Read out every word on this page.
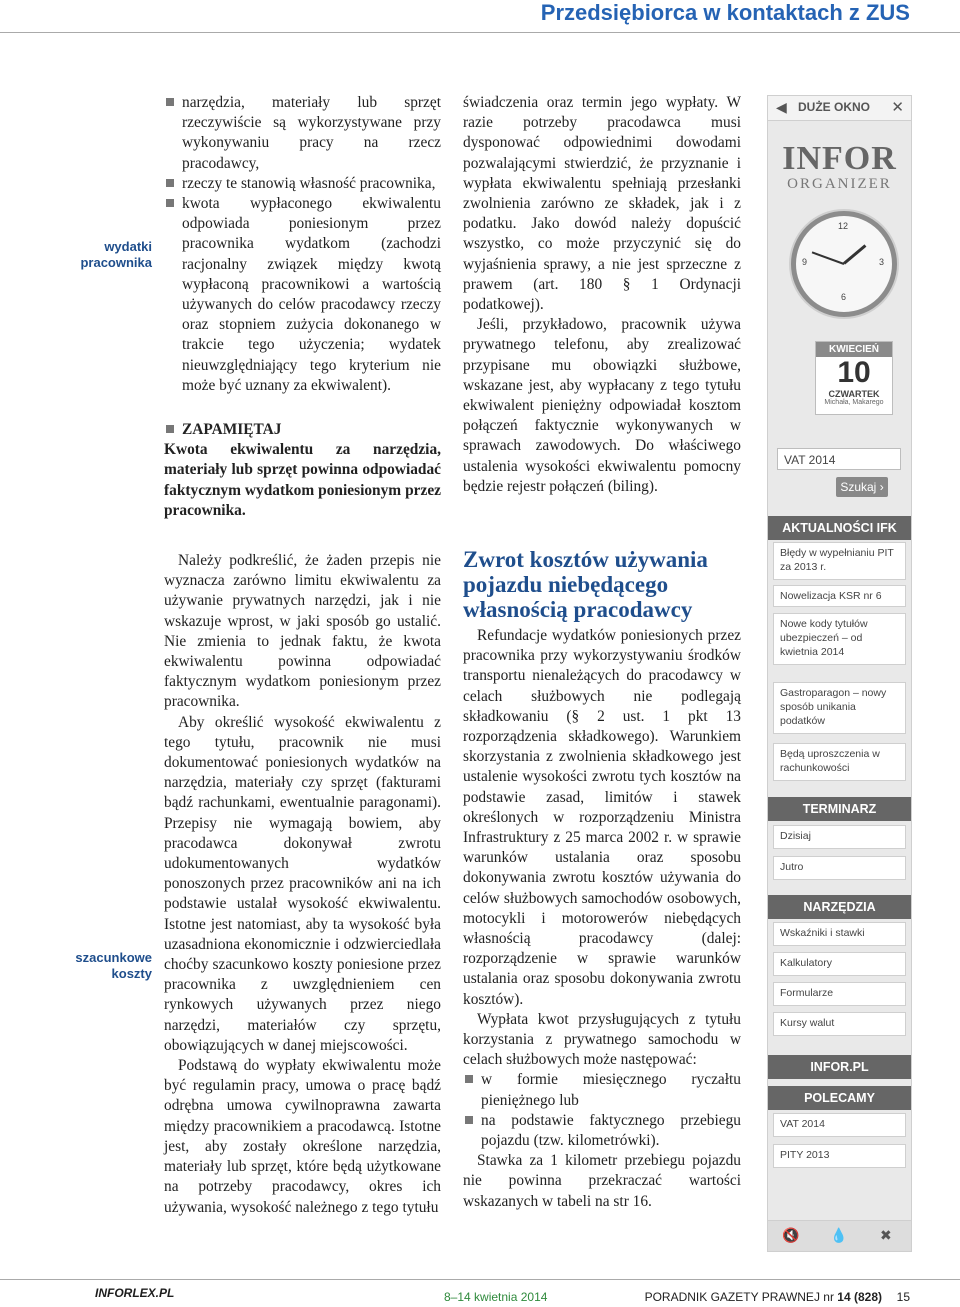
Przedsiębiorca w kontaktach z ZUS
wydatki
pracownika
szacunkowe
koszty
narzędzia, materiały lub sprzęt rzeczywiście są wykorzystywane przy wykonywaniu pracy na rzecz pracodawcy,
rzeczy te stanowią własność pracownika,
kwota wypłaconego ekwiwalentu odpowiada poniesionym przez pracownika wydatkom (zachodzi racjonalny związek między kwotą wypłaconą pracownikowi a wartością używanych do celów pracodawcy rzeczy oraz stopniem zużycia dokonanego w trakcie tego użyczenia; wydatek nieuwzględniający tego kryterium nie może być uznany za ekwiwalent).
ZAPAMIĘTAJ
Kwota ekwiwalentu za narzędzia, materiały lub sprzęt powinna odpowiadać faktycznym wydatkom poniesionym przez pracownika.

Należy podkreślić, że żaden przepis nie wyznacza zarówno limitu ekwiwalentu za używanie prywatnych narzędzi, jak i nie wskazuje wprost, w jaki sposób go ustalić. Nie zmienia to jednak faktu, że kwota ekwiwalentu powinna odpowiadać faktycznym wydatkom poniesionym przez pracownika.

Aby określić wysokość ekwiwalentu z tego tytułu, pracownik nie musi dokumentować poniesionych wydatków na narzędzia, materiały czy sprzęt (fakturami bądź rachunkami, ewentualnie paragonami). Przepisy nie wymagają bowiem, aby pracodawca dokonywał zwrotu udokumentowanych wydatków ponoszonych przez pracowników ani na ich podstawie ustalał wysokość ekwiwalentu. Istotne jest natomiast, aby ta wysokość była uzasadniona ekonomicznie i odzwierciedlała choćby szacunkowo koszty poniesione przez pracownika z uwzględnieniem cen rynkowych używanych przez niego narzędzi, materiałów czy sprzętu, obowiązujących w danej miejscowości.

Podstawą do wypłaty ekwiwalentu może być regulamin pracy, umowa o pracę bądź odrębna umowa cywilnoprawna zawarta między pracownikiem a pracodawcą. Istotne jest, aby zostały określone narzędzia, materiały lub sprzęt, które będą użytkowane na potrzeby pracodawcy, okres ich używania, wysokość należnego z tego tytułu

świadczenia oraz termin jego wypłaty. W razie potrzeby pracodawca musi dysponować odpowiednimi dowodami pozwalającymi stwierdzić, że przyznanie i wypłata ekwiwalentu spełniają przesłanki zwolnienia zarówno ze składek, jak i z podatku. Jako dowód należy dopuścić wszystko, co może przyczynić się do wyjaśnienia sprawy, a nie jest sprzeczne z prawem (art. 180 § 1 Ordynacji podatkowej).

Jeśli, przykładowo, pracownik używa prywatnego telefonu, aby zrealizować przypisane mu obowiązki służbowe, wskazane jest, aby wypłacany z tego tytułu ekwiwalent pieniężny odpowiadał kosztom połączeń faktycznie wykonywanych w sprawach zawodowych. Do właściwego ustalenia wysokości ekwiwalentu pomocny będzie rejestr połączeń (biling).

Zwrot kosztów używania pojazdu niebędącego własnością pracodawcy

Refundacje wydatków poniesionych przez pracownika przy wykorzystywaniu środków transportu nienależących do pracodawcy w celach służbowych nie podlegają składkowaniu (§ 2 ust. 1 pkt 13 rozporządzenia składkowego). Warunkiem skorzystania z zwolnienia składkowego jest ustalenie wysokości zwrotu tych kosztów na podstawie zasad, limitów i stawek określonych w rozporządzeniu Ministra Infrastruktury z 25 marca 2002 r. w sprawie warunków ustalania oraz sposobu dokonywania zwrotu kosztów używania do celów służbowych samochodów osobowych, motocykli i motorowerów niebędących własnością pracodawcy (dalej: rozporządzenie w sprawie warunków ustalania oraz sposobu dokonywania zwrotu kosztów).

Wypłata kwot przysługujących z tytułu korzystania z prywatnego samochodu w celach służbowych może następować:

w formie miesięcznego ryczałtu pieniężnego lub
na podstawie faktycznego przebiegu pojazdu (tzw. kilometrówki).

Stawka za 1 kilometr przebiegu pojazdu nie powinna przekraczać wartości wskazanych w tabeli na str 16.

◀ DUŻE OKNO ✕
INFOR
ORGANIZER
12
3
6
9
KWIECIEŃ
10
CZWARTEK
Michała, Makarego
VAT 2014
Szukaj ›
AKTUALNOŚCI IFK
Błędy w wypełnianiu PIT za 2013 r.
Nowelizacja KSR nr 6
Nowe kody tytułów ubezpieczeń – od kwietnia 2014
Gastroparagon – nowy sposób unikania podatków
Będą uproszczenia w rachunkowości
TERMINARZ
Dzisiaj
Jutro
NARZĘDZIA
Wskaźniki i stawki
Kalkulatory
Formularze
Kursy walut
INFOR.PL
POLECAMY
VAT 2014
PITY 2013
🔇 💧 ✖
INFORLEX.PL	8–14 kwietnia 2014	PORADNIK GAZETY PRAWNEJ nr 14 (828) 15
